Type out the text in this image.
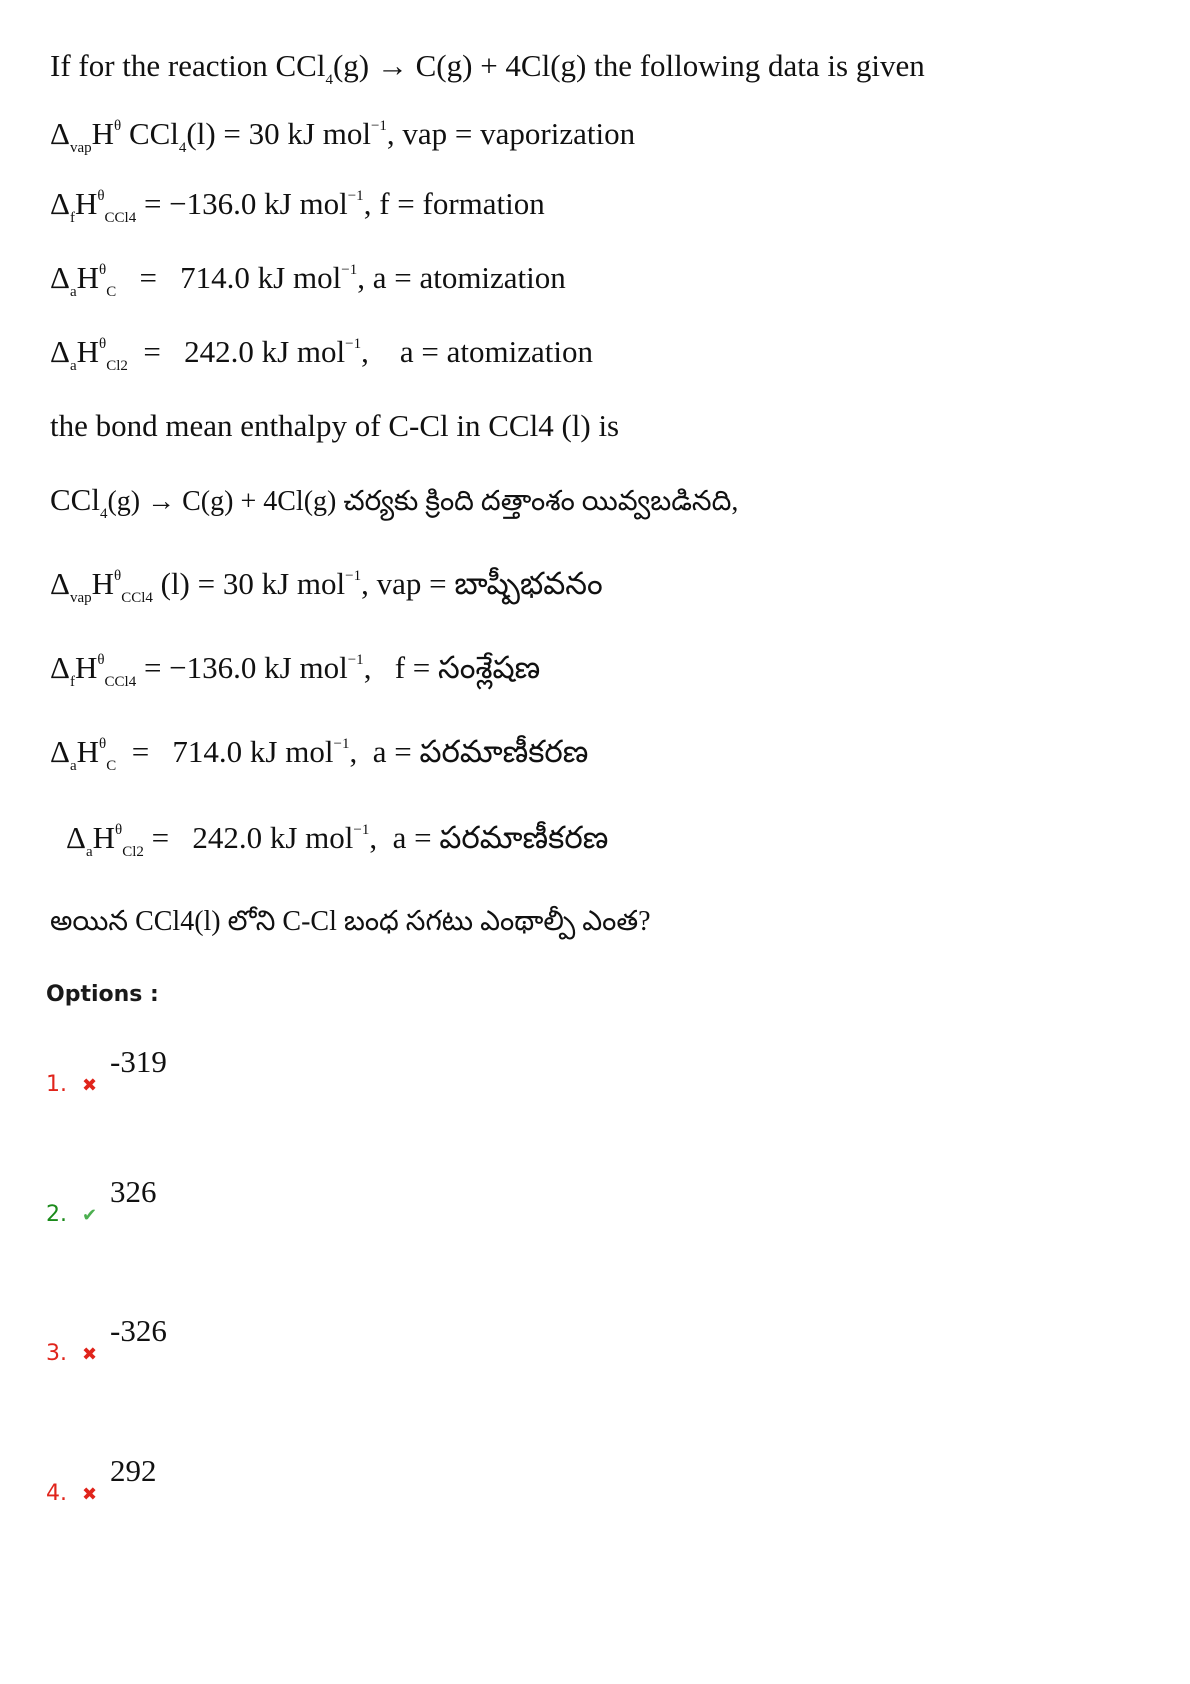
If for the reaction CCl$_4$(g) → C(g) + 4Cl(g) the following data is given
$\Delta_{vap}H^\theta$ CCl$_4$(l) = 30 kJ mol$^{-1}$, vap = vaporization
$\Delta_fH^\theta_{CCl4} = -136.0$ kJ mol$^{-1}$, f = formation
$\Delta_aH^\theta_C = 714.0$ kJ mol$^{-1}$, a = atomization
$\Delta_aH^\theta_{Cl2} = 242.0$ kJ mol$^{-1}$,    a = atomization
the bond mean enthalpy of C-Cl in CCl4 (l) is
CCl$_4$(g) → C(g) + 4Cl(g) చర్యకు క్రింది దత్తాంశం యివ్వబడినది,
$\Delta_{vap}H^\theta_{CCl4}$ (l) = 30 kJ mol$^{-1}$, vap = బాష్పీభవనం
$\Delta_fH^\theta_{CCl4} = -136.0$ kJ mol$^{-1}$,   f = సంశ్లేషణ
$\Delta_aH^\theta_C = 714.0$ kJ mol$^{-1}$,  a = పరమాణీకరణ
$\Delta_aH^\theta_{Cl2} = 242.0$ kJ mol$^{-1}$,  a = పరమాణీకరణ
అయిన CCl4(l) లోని C-Cl బంధ సగటు ఎంథాల్పీ ఎంత?
Options :
1. ✖
-319
2. ✔
326
3. ✖
-326
4. ✖
292
